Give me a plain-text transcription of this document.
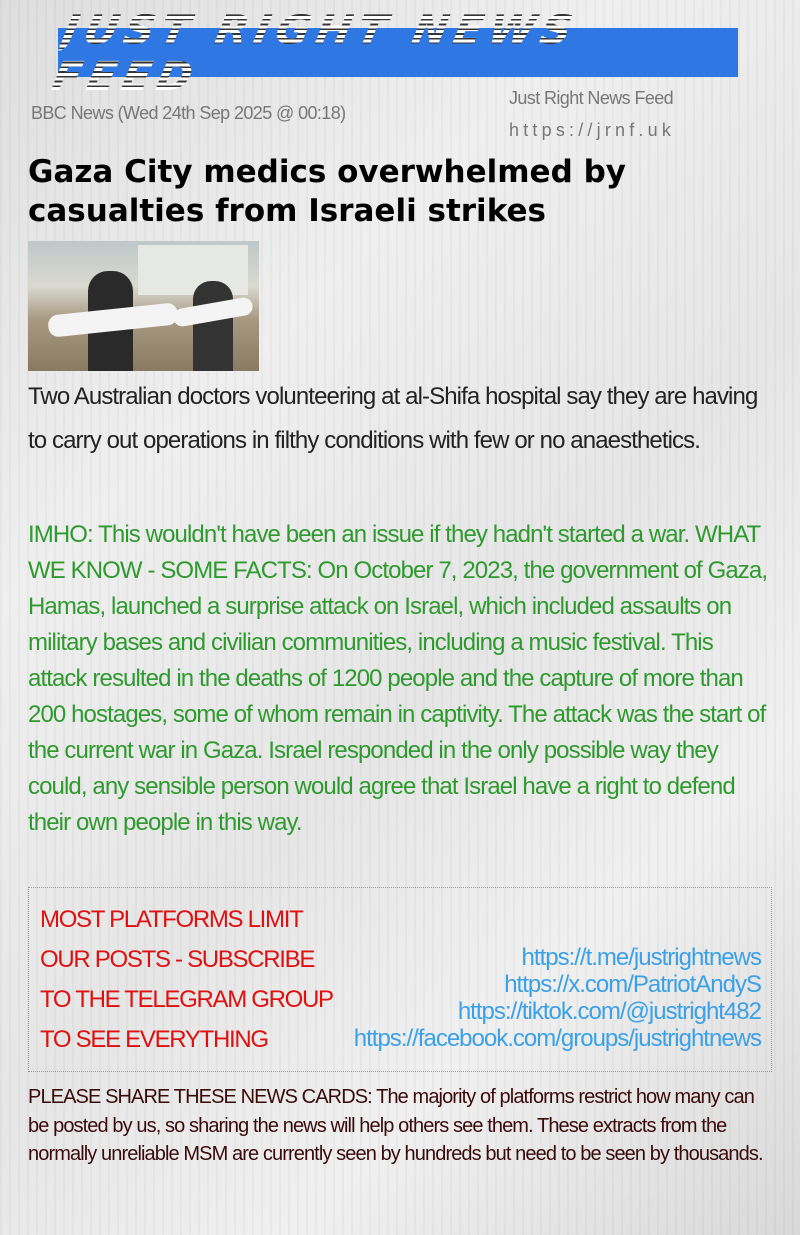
JUST RIGHT NEWS FEED
BBC News (Wed 24th Sep 2025 @ 00:18)
Just Right News Feed
https://jrnf.uk
Gaza City medics overwhelmed by casualties from Israeli strikes

Two Australian doctors volunteering at al-Shifa hospital say they are having to carry out operations in filthy conditions with few or no anaesthetics.

IMHO: This wouldn't have been an issue if they hadn't started a war. WHAT WE KNOW - SOME FACTS: On October 7, 2023, the government of Gaza, Hamas, launched a surprise attack on Israel, which included assaults on military bases and civilian communities, including a music festival. This attack resulted in the deaths of 1200 people and the capture of more than 200 hostages, some of whom remain in captivity. The attack was the start of the current war in Gaza. Israel responded in the only possible way they could, any sensible person would agree that Israel have a right to defend their own people in this way.

MOST PLATFORMS LIMIT
OUR POSTS - SUBSCRIBE
TO THE TELEGRAM GROUP
TO SEE EVERYTHING
https://t.me/justrightnews
https://x.com/PatriotAndyS
https://tiktok.com/@justright482
https://facebook.com/groups/justrightnews

PLEASE SHARE THESE NEWS CARDS: The majority of platforms restrict how many can be posted by us, so sharing the news will help others see them. These extracts from the normally unreliable MSM are currently seen by hundreds but need to be seen by thousands.
